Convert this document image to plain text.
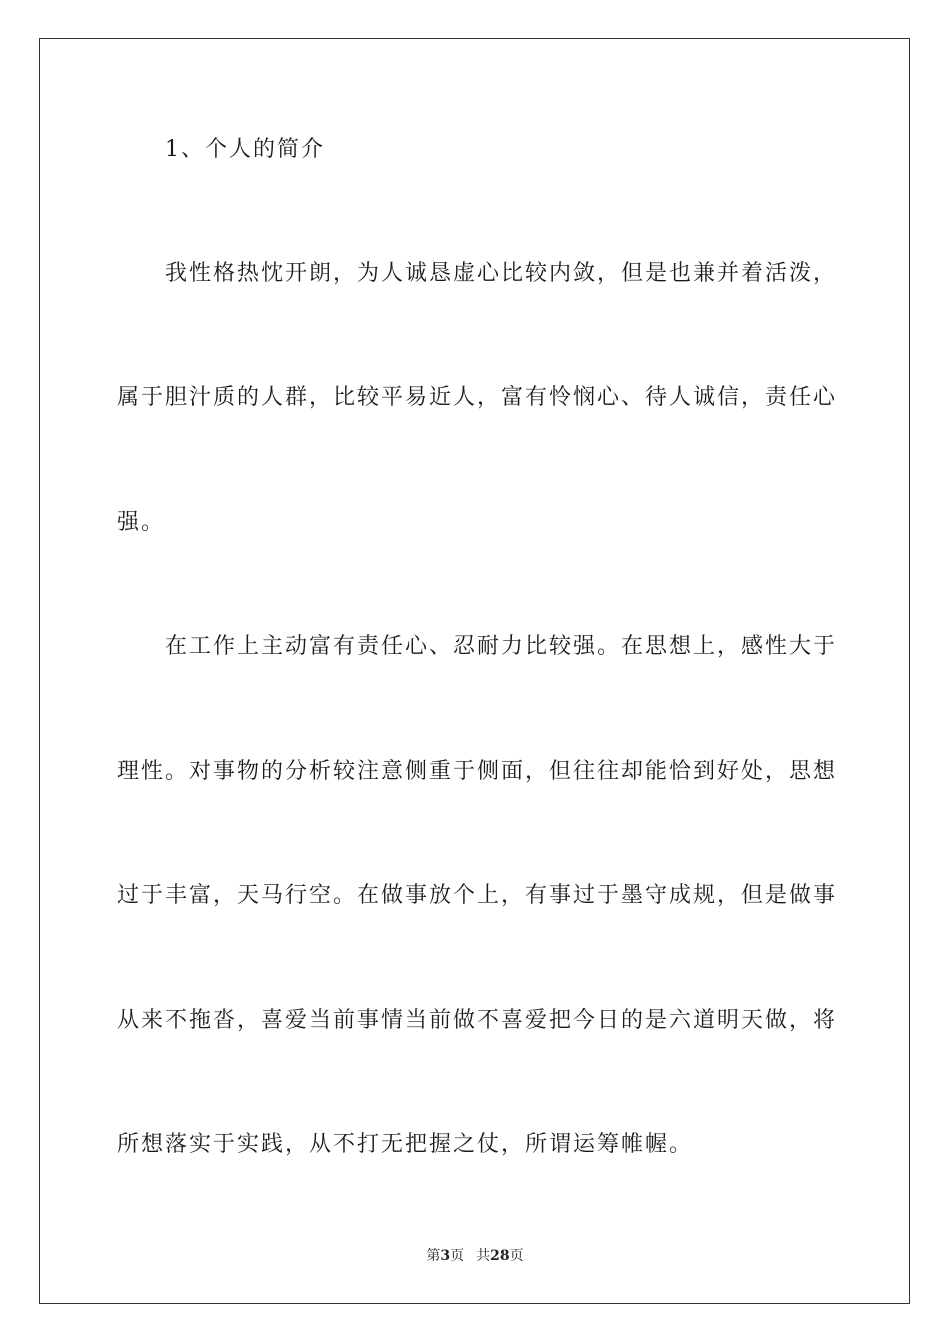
1、个人的简介
我性格热忱开朗，为人诚恳虚心比较内敛，但是也兼并着活泼，
属于胆汁质的人群，比较平易近人，富有怜悯心、待人诚信，责任心
强。
在工作上主动富有责任心、忍耐力比较强。在思想上，感性大于
理性。对事物的分析较注意侧重于侧面，但往往却能恰到好处，思想
过于丰富，天马行空。在做事放个上，有事过于墨守成规，但是做事
从来不拖沓，喜爱当前事情当前做不喜爱把今日的是六道明天做，将
所想落实于实践，从不打无把握之仗，所谓运筹帷幄。
第3页 共28页
